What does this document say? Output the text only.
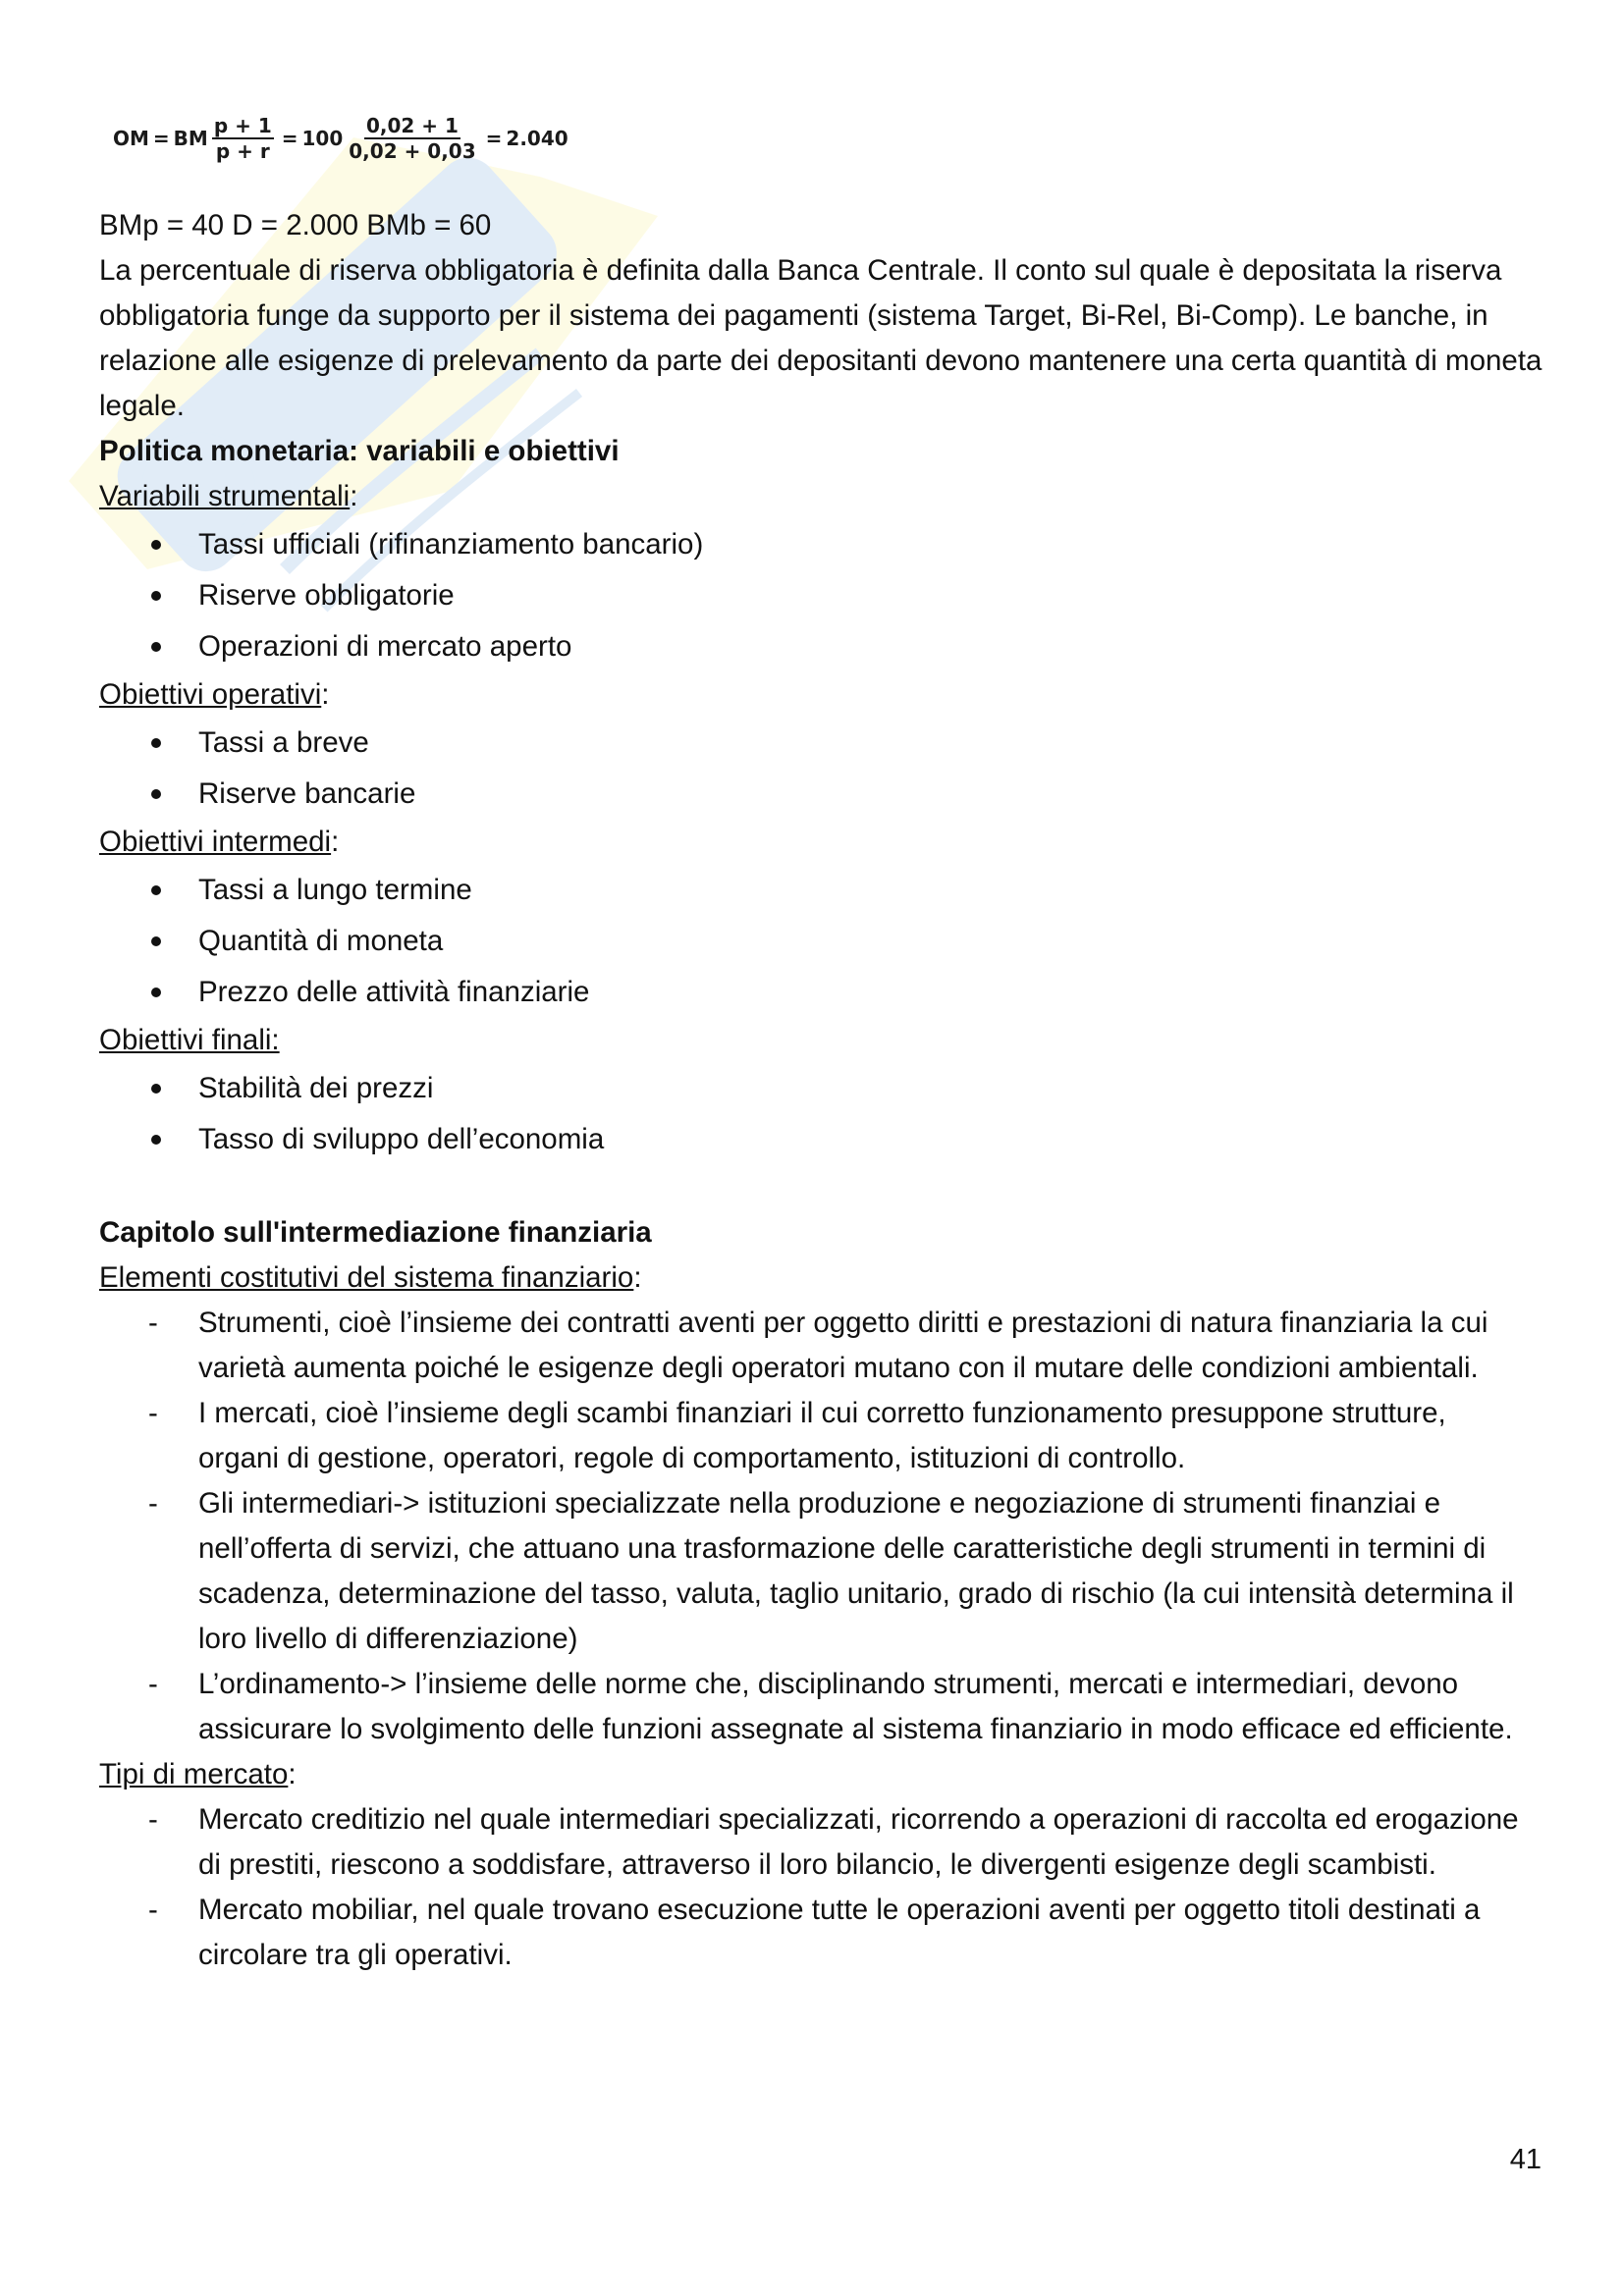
OM = BM $\frac{p + 1}{p + r} = 100 \frac{0,02 + 1}{0,02 + 0,03} = 2.040$

BMp = 40 D = 2.000 BMb = 60

La percentuale di riserva obbligatoria è definita dalla Banca Centrale. Il conto sul quale è depositata la riserva obbligatoria funge da supporto per il sistema dei pagamenti (sistema Target, Bi-Rel, Bi-Comp). Le banche, in relazione alle esigenze di prelevamento da parte dei depositanti devono mantenere una certa quantità di moneta legale.

Politica monetaria: variabili e obiettivi

Variabili strumentali:

Tassi ufficiali (rifinanziamento bancario)
Riserve obbligatorie
Operazioni di mercato aperto

Obiettivi operativi:

Tassi a breve
Riserve bancarie

Obiettivi intermedi:

Tassi a lungo termine
Quantità di moneta
Prezzo delle attività finanziarie

Obiettivi finali:

Stabilità dei prezzi
Tasso di sviluppo dell’economia

Capitolo sull'intermediazione finanziaria

Elementi costitutivi del sistema finanziario:

- Strumenti, cioè l’insieme dei contratti aventi per oggetto diritti e prestazioni di natura finanziaria la cui varietà aumenta poiché le esigenze degli operatori mutano con il mutare delle condizioni ambientali.
- I mercati, cioè l’insieme degli scambi finanziari il cui corretto funzionamento presuppone strutture, organi di gestione, operatori, regole di comportamento, istituzioni di controllo.
- Gli intermediari-> istituzioni specializzate nella produzione e negoziazione di strumenti finanziai e nell’offerta di servizi, che attuano una trasformazione delle caratteristiche degli strumenti in termini di scadenza, determinazione del tasso, valuta, taglio unitario, grado di rischio (la cui intensità determina il loro livello di differenziazione)
- L’ordinamento-> l’insieme delle norme che, disciplinando strumenti, mercati e intermediari, devono assicurare lo svolgimento delle funzioni assegnate al sistema finanziario in modo efficace ed efficiente.

Tipi di mercato:

- Mercato creditizio nel quale intermediari specializzati, ricorrendo a operazioni di raccolta ed erogazione di prestiti, riescono a soddisfare, attraverso il loro bilancio, le divergenti esigenze degli scambisti.
- Mercato mobiliar, nel quale trovano esecuzione tutte le operazioni aventi per oggetto titoli destinati a circolare tra gli operativi.
41
